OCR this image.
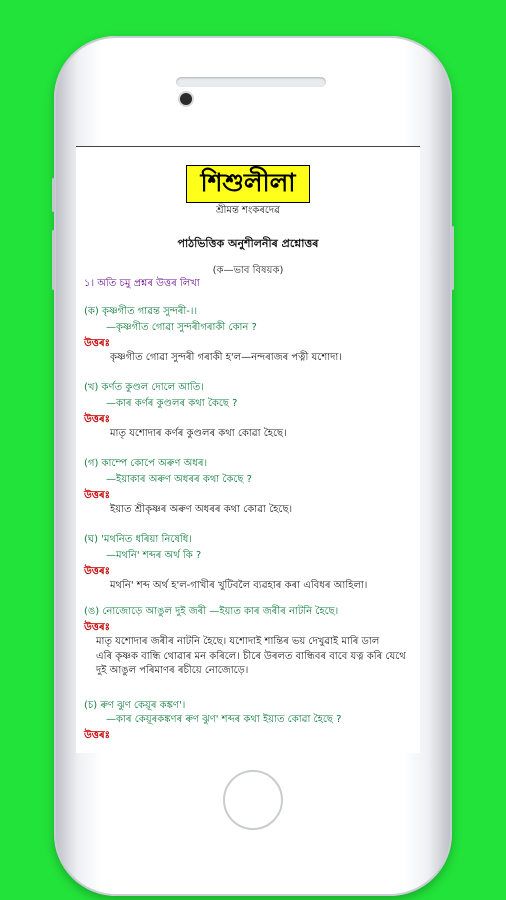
শিশুলীলা
শ্ৰীমন্ত শংকৰদেৱ
পাঠভিত্তিক অনুশীলনীৰ প্ৰশ্নোত্তৰ
(ক—ভাব বিষয়ক)
১। অতি চমু প্ৰশ্নৰ উত্তৰ লিখা
(ক) কৃষ্ণগীত গাৱন্ত সুন্দৰী-।।
—কৃষ্ণগীত গোৱা সুন্দৰীগৰাকী কোন ?
উত্তৰঃ
কৃষ্ণগীত গোৱা সুন্দৰী গৰাকী হ'ল—নন্দৰাজৰ পত্নী যশোদা।
(খ) কৰ্ণত কুণ্ডল দোলে আতি।
—কাৰ কৰ্ণৰ কুণ্ডলৰ কথা কৈছে ?
উত্তৰঃ
মাতৃ যশোদাৰ কৰ্ণৰ কুণ্ডলৰ কথা কোৱা হৈছে।
(গ) কাম্পে কোপে অৰুণ অধৰ।
—ইয়াকাৰ অৰুণ অধৰৰ কথা কৈছে ?
উত্তৰঃ
ইয়াত শ্ৰীকৃষ্ণৰ অৰুণ অধৰৰ কথা কোৱা হৈছে।
(ঘ) 'মথনিত ধৰিয়া নিষেধি।
—মথনি' শব্দৰ অৰ্থ কি ?
উত্তৰঃ
মথনি' শব্দ অৰ্থ হ'ল-গাখীৰ খুটিবলৈ ব্যৱহাৰ কৰা এবিধৰ আহিলা।
(ঙ) নোজোড়ে আঙুল দুই জৰী —ইয়াত কাৰ জৰীৰ নাটনি হৈছে।
উত্তৰঃ
মাতৃ যশোদাৰ জৰীৰ নাটনি হৈছে। যশোদাই শান্তিৰ ভয় দেখুৱাই মাৰি ডাল
এৰি কৃষ্ণক বান্ধি থোৱাৰ মন কৰিলে। চীৰে উৰলত বান্ধিবৰ বাবে যত্ন কৰি যেথে
দুই আঙুল পৰিমাণৰ ৰচীয়ে নোজোড়ে।
(চ) ৰুণ ঝুণ কেয়ূৰ কঙ্কণ'।
—কাৰ কেয়ূৰকঙ্কণৰ ৰুণ ঝুণ' শব্দৰ কথা ইয়াত কোৱা হৈছে ?
উত্তৰঃ
